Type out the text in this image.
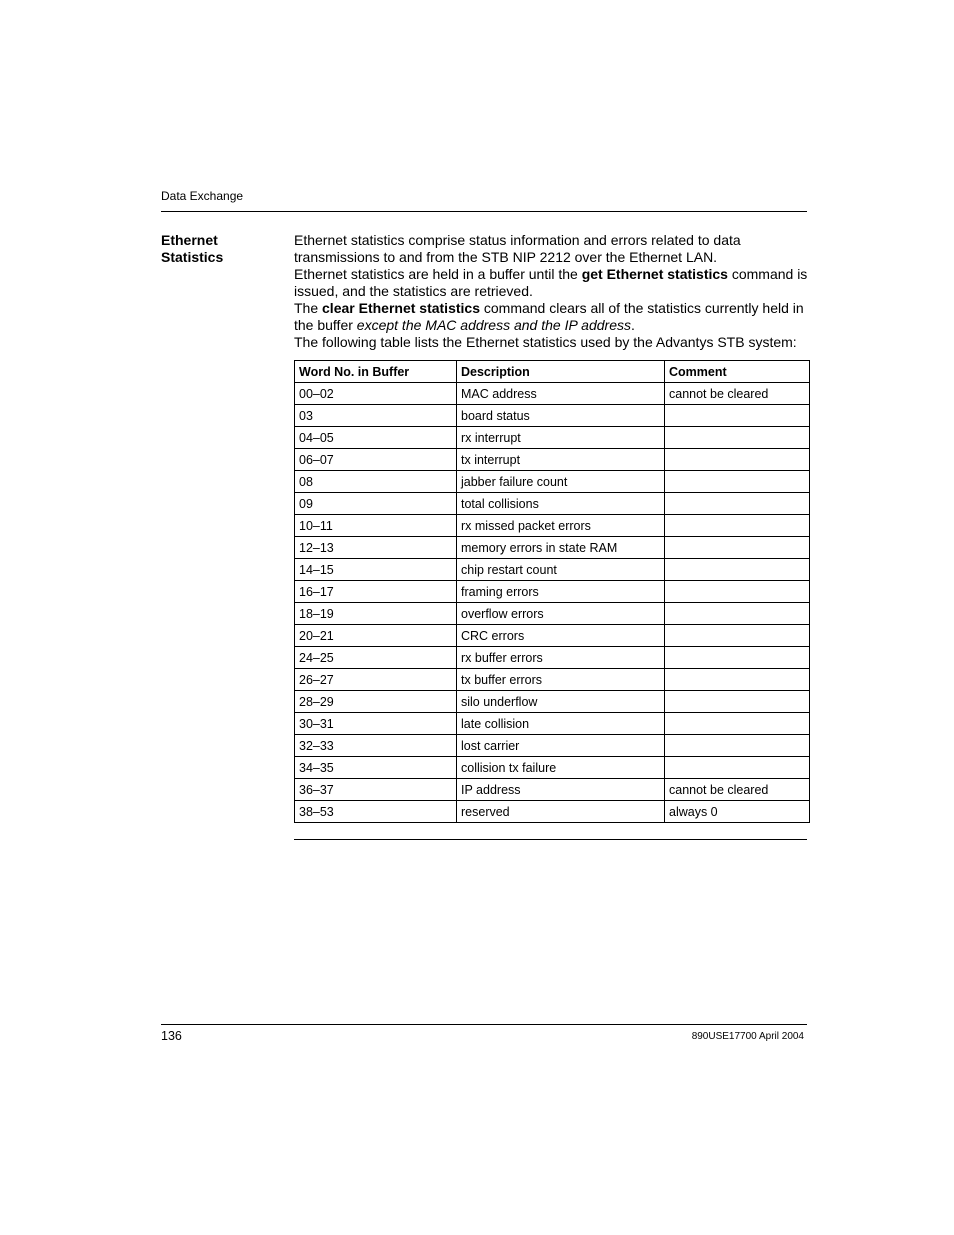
Data Exchange
Ethernet
Statistics

Ethernet statistics comprise status information and errors related to data transmissions to and from the STB NIP 2212 over the Ethernet LAN.

Ethernet statistics are held in a buffer until the get Ethernet statistics command is issued, and the statistics are retrieved.

The clear Ethernet statistics command clears all of the statistics currently held in the buffer except the MAC address and the IP address.

The following table lists the Ethernet statistics used by the Advantys STB system:

Word No. in Buffer	Description	Comment
00–02	MAC address	cannot be cleared
03	board status	
04–05	rx interrupt	
06–07	tx interrupt	
08	jabber failure count	
09	total collisions	
10–11	rx missed packet errors	
12–13	memory errors in state RAM	
14–15	chip restart count	
16–17	framing errors	
18–19	overflow errors	
20–21	CRC errors	
24–25	rx buffer errors	
26–27	tx buffer errors	
28–29	silo underflow	
30–31	late collision	
32–33	lost carrier	
34–35	collision tx failure	
36–37	IP address	cannot be cleared
38–53	reserved	always 0
136	890USE17700 April 2004
